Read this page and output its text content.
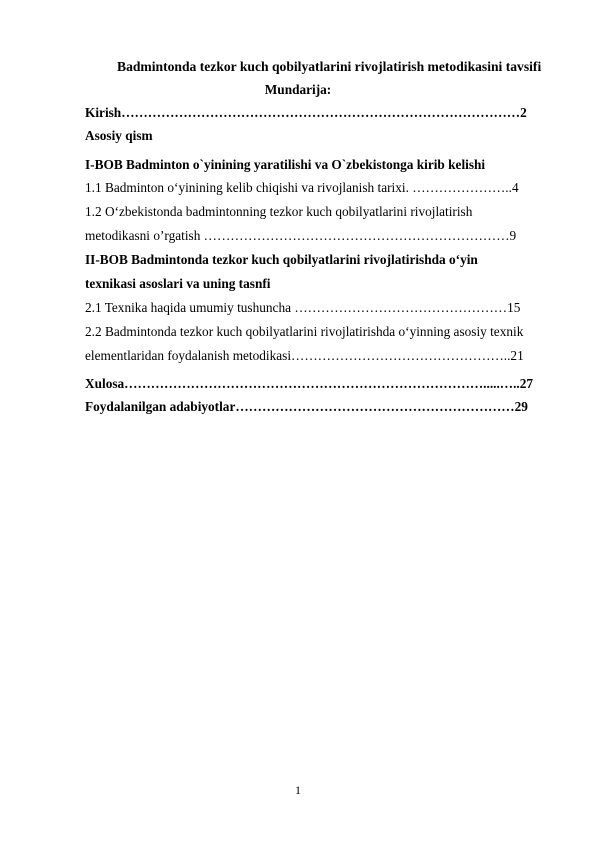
Badmintonda tezkor kuch qobilyatlarini rivojlatirish metodikasini tavsifi
Mundarija:
Kirish………………………………………………………………………………2
Asosiy qism
I-BOB Badminton o`yinining yaratilishi va O`zbekistonga kirib kelishi
1.1 Badminton o‘yinining kelib chiqishi va rivojlanish tarixi. …………………..4
1.2 O‘zbekistonda badmintonning tezkor kuch qobilyatlarini rivojlatirish
metodikasni o’rgatish ……………………………………………………………9
II-BOB Badmintonda tezkor kuch qobilyatlarini rivojlatirishda o‘yin
texnikasi asoslari va uning tasnfi
2.1 Texnika haqida umumiy tushuncha …………………………………………15
2.2 Badmintonda tezkor kuch qobilyatlarini rivojlatirishda o‘yinning asosiy texnik
elementlaridan foydalanish metodikasi…………………………………………..21
Xulosa……………………………………………………………………….....…..27
Foydalanilgan adabiyotlar………………………………………………………29
1
